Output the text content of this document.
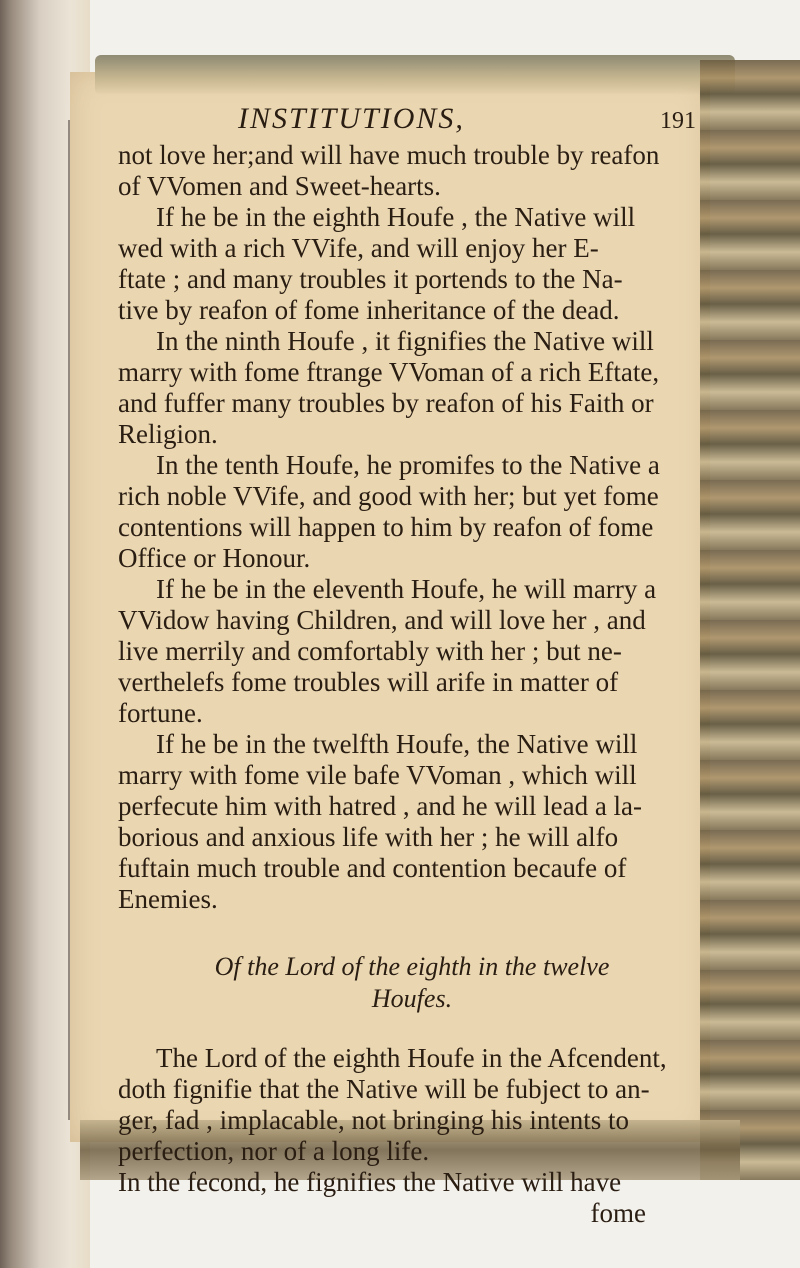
INSTITUTIONS,	191
not love her;and will have much trouble by reafon
of VVomen and Sweet-hearts.
If he be in the eighth Houfe , the Native will
wed with a rich VVife, and will enjoy her E-
ftate ; and many troubles it portends to the Na-
tive by reafon of fome inheritance of the dead.
In the ninth Houfe , it fignifies the Native will
marry with fome ftrange VVoman of a rich Eftate,
and fuffer many troubles by reafon of his Faith or
Religion.
In the tenth Houfe, he promifes to the Native a
rich noble VVife, and good with her; but yet fome
contentions will happen to him by reafon of fome
Office or Honour.
If he be in the eleventh Houfe, he will marry a
VVidow having Children, and will love her , and
live merrily and comfortably with her ; but ne-
verthelefs fome troubles will arife in matter of
fortune.
If he be in the twelfth Houfe, the Native will
marry with fome vile bafe VVoman , which will
perfecute him with hatred , and he will lead a la-
borious and anxious life with her ; he will alfo
fuftain much trouble and contention becaufe of
Enemies.
Of the Lord of the eighth in the twelve
Houfes.
The Lord of the eighth Houfe in the Afcendent,
doth fignifie that the Native will be fubject to an-
ger, fad , implacable, not bringing his intents to
perfection, nor of a long life.
In the fecond, he fignifies the Native will have
fome
